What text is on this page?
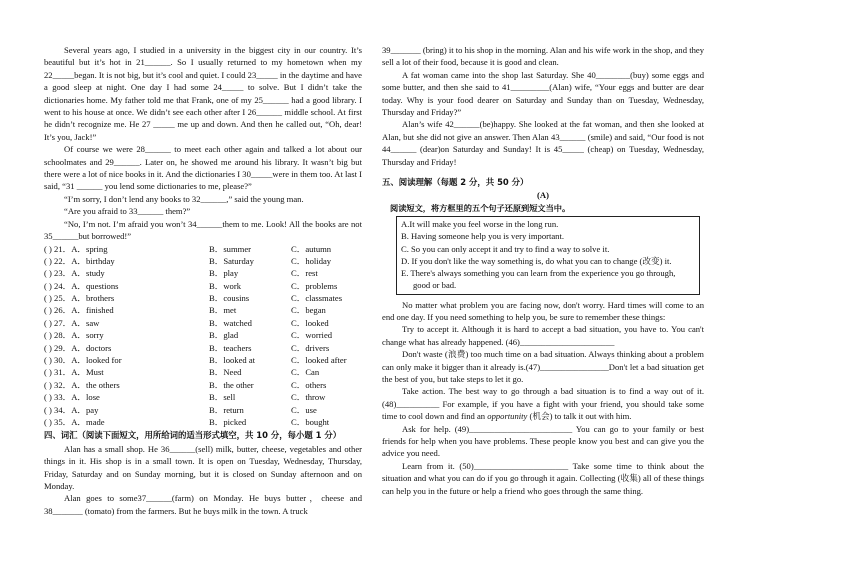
Several years ago, I studied in a university in the biggest city in our country. It’s beautiful but it’s hot in 21______. So I usually returned to my hometown when my 22_____began. It is not big, but it’s cool and quiet. I could 23_____ in the daytime and have a good sleep at night. One day I had some 24_____ to solve. But I didn’t take the dictionaries home. My father told me that Frank, one of my 25______ had a good library. I went to his house at once. We didn’t see each other after I 26______ middle school. At first he didn’t recognize me. He 27 _____ me up and down. And then he called out, “Oh, dear! It’s you, Jack!”

Of course we were 28______ to meet each other again and talked a lot about our schoolmates and 29______. Later on, he showed me around his library. It wasn’t big but there were a lot of nice books in it. And the dictionaries I 30_____were in them too. At last I said, “31 ______ you lend some dictionaries to me, please?”

“I’m sorry, I don’t lend any books to 32______,” said the young man.

“Are you afraid to 33______ them?”

“No, I’m not. I’m afraid you won’t 34______them to me. Look! All the books are not 35______but borrowed!”

( ) 21．A．spring	B．summer	C．autumn
( ) 22．A．birthday	B．Saturday	C．holiday
( ) 23．A．study	B．play	C．rest
( ) 24．A．questions	B．work	C．problems
( ) 25．A．brothers	B．cousins	C．classmates
( ) 26．A．finished	B．met	C．began
( ) 27．A．saw	B．watched	C．looked
( ) 28．A．sorry	B．glad	C．worried
( ) 29．A．doctors	B．teachers	C．drivers
( ) 30．A．looked for	B．looked at	C．looked after
( ) 31．A．Must	B．Need	C．Can
( ) 32．A．the others	B．the other	C．others
( ) 33．A．lose	B．sell	C．throw
( ) 34．A．pay	B．return	C．use
( ) 35．A．made	B．picked	C．bought
四、词汇（阅读下面短文，用所给词的适当形式填空，共 10 分，每小题 1 分）

Alan has a small shop. He 36______(sell) milk, butter, cheese, vegetables and other things in it. His shop is in a small town. It is open on Tuesday, Wednesday, Thursday, Friday, Saturday and on Sunday morning, but it is closed on Sunday afternoon and on Monday.

Alan goes to some37______(farm) on Monday. He buys butter，cheese and 38_______ (tomato) from the farmers. But he buys milk in the town. A truck

39_______ (bring) it to his shop in the morning. Alan and his wife work in the shop, and they sell a lot of their food, because it is good and clean.

A fat woman came into the shop last Saturday. She 40________(buy) some eggs and some butter, and then she said to 41_________(Alan) wife, “Your eggs and butter are dear today. Why is your food dearer on Saturday and Sunday than on Tuesday, Wednesday, Thursday and Friday?”

Alan’s wife 42______(be)happy. She looked at the fat woman, and then she looked at Alan, but she did not give an answer. Then Alan 43______ (smile) and said, “Our food is not 44______ (dear)on Saturday and Sunday! It is 45_____ (cheap) on Tuesday, Wednesday, Thursday and Friday!

五、阅读理解（每题 2 分，共 50 分）
(A)
阅读短文，将方框里的五个句子还原到短文当中。
A.It will make you feel worse in the long run.
B. Having someone help you is very important.
C. So you can only accept it and try to find a way to solve it.
D. If you don't like the way something is, do what you can to change (改变) it.
E. There's always something you can learn from the experience you go through,
good or bad.

No matter what problem you are facing now, don't worry. Hard times will come to an end one day. If you need something to help you, be sure to remember these things:

Try to accept it. Although it is hard to accept a bad situation, you have to. You can't change what has already happened. (46)______________________

Don't waste (浪费) too much time on a bad situation. Always thinking about a problem can only make it bigger than it already is.(47)________________Don't let a bad situation get the best of you, but take steps to let it go.

Take action. The best way to go through a bad situation is to find a way out of it. (48)__________ For example, if you have a fight with your friend, you should take some time to cool down and find an opportunity (机会) to talk it out with him.

Ask for help. (49)________________________ You can go to your family or best friends for help when you have problems. These people know you best and can give you the advice you need.

Learn from it. (50)______________________ Take some time to think about the situation and what you can do if you go through it again. Collecting (收集) all of these things can help you in the future or help a friend who goes through the same thing.
